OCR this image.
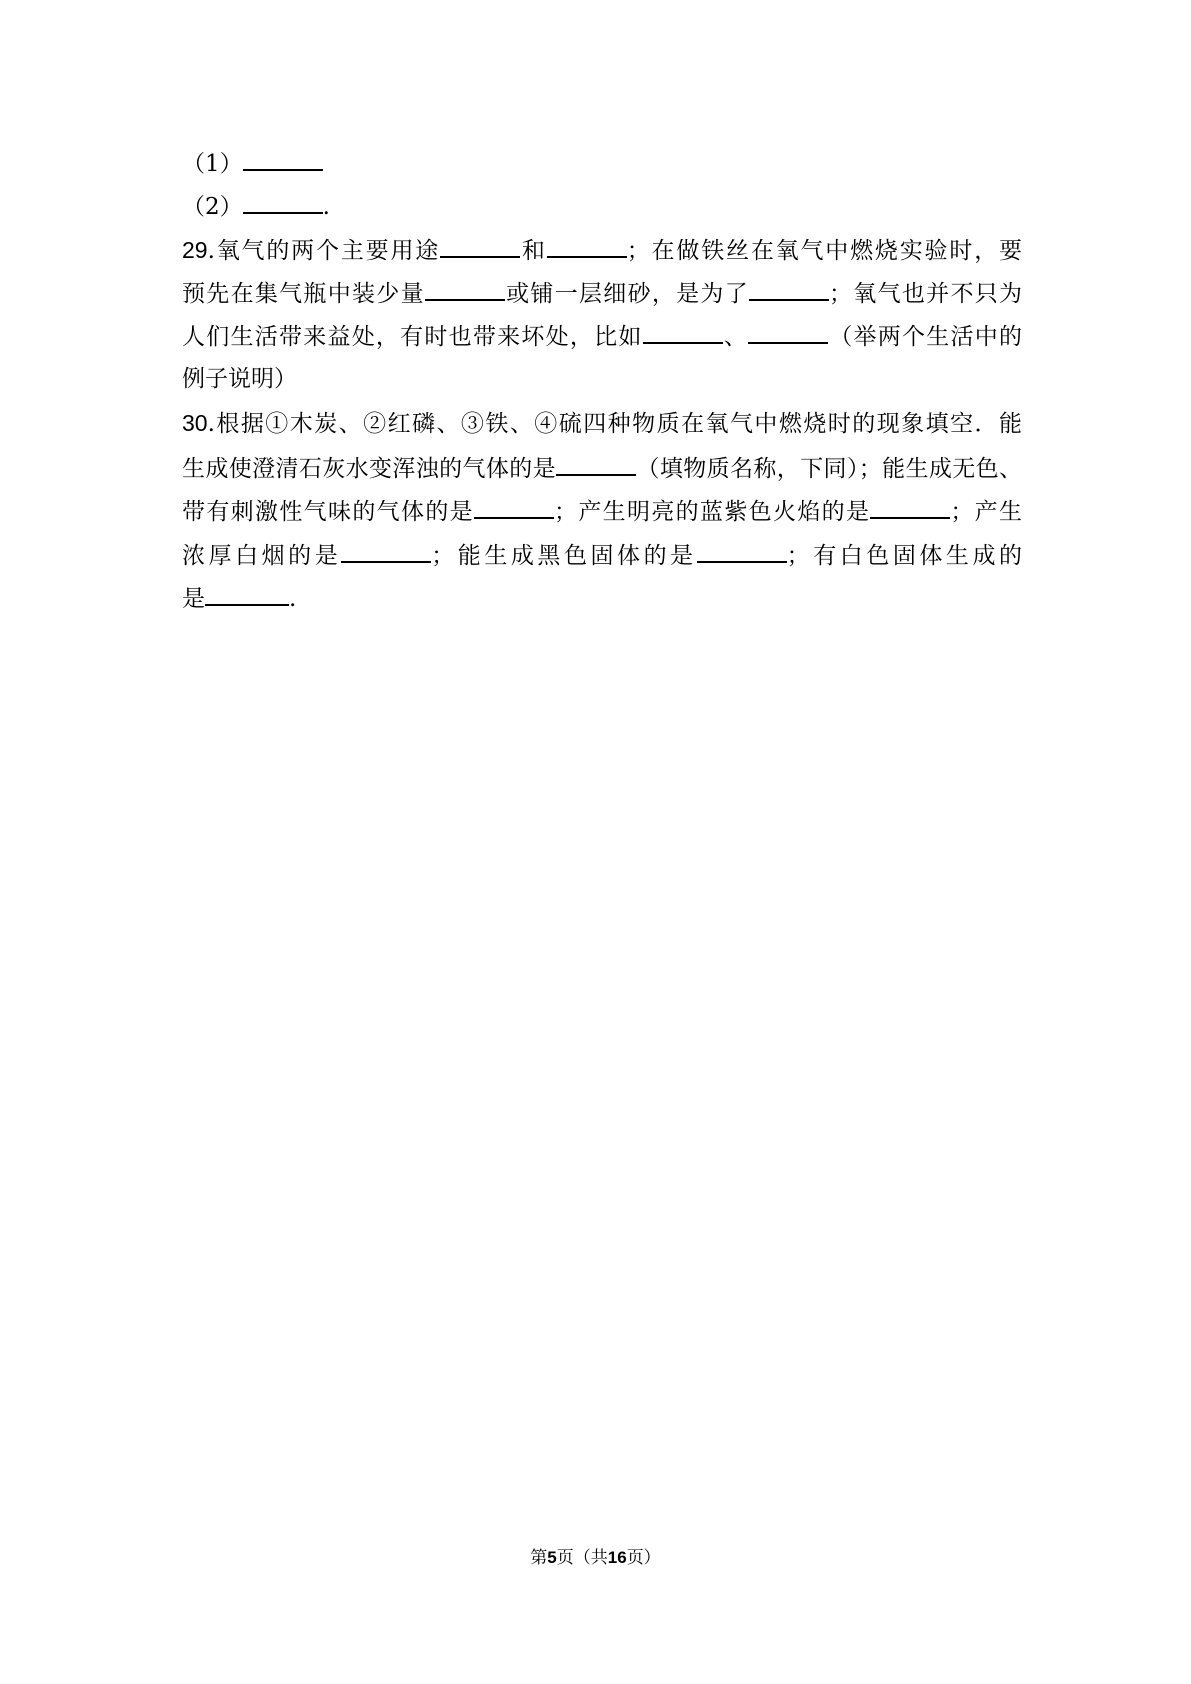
（1）
（2）	.
29.氧气的两个主要用途	和	；在做铁丝在氧气中燃烧实验时，要
预先在集气瓶中装少量	或铺一层细砂，是为了	；氧气也并不只为
人们生活带来益处，有时也带来坏处，比如	、	（举两个生活中的
例子说明）
30.根据①木炭、②红磷、③铁、④硫四种物质在氧气中燃烧时的现象填空．能
生成使澄清石灰水变浑浊的气体的是	（填物质名称，下同）；能生成无色、
带有刺激性气味的气体的是	；产生明亮的蓝紫色火焰的是	；产生
浓厚白烟的是	；能生成黑色固体的是	；有白色固体生成的
是	.
第5页（共16页）
